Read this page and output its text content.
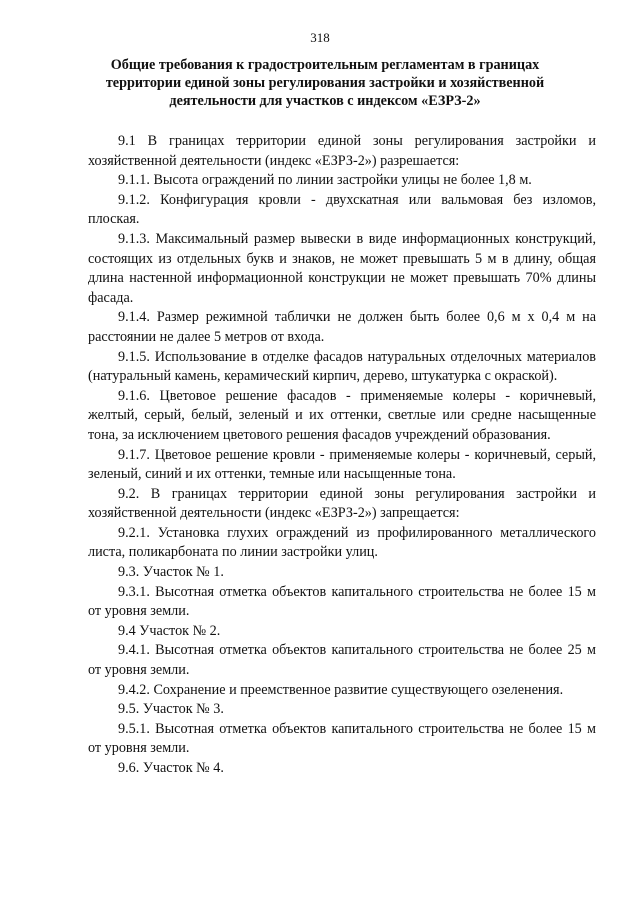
318
Общие требования к градостроительным регламентам в границах территории единой зоны регулирования застройки и хозяйственной деятельности для участков с индексом «ЕЗРЗ-2»

9.1 В границах территории единой зоны регулирования застройки и хозяйственной деятельности (индекс «ЕЗРЗ-2») разрешается:

9.1.1. Высота ограждений по линии застройки улицы не более 1,8 м.

9.1.2. Конфигурация кровли - двухскатная или вальмовая без изломов, плоская.

9.1.3. Максимальный размер вывески в виде информационных конструкций, состоящих из отдельных букв и знаков, не может превышать 5 м в длину, общая длина настенной информационной конструкции не может превышать 70% длины фасада.

9.1.4. Размер режимной таблички не должен быть более 0,6 м х 0,4 м на расстоянии не далее 5 метров от входа.

9.1.5. Использование в отделке фасадов натуральных отделочных материалов (натуральный камень, керамический кирпич, дерево, штукатурка с окраской).

9.1.6. Цветовое решение фасадов - применяемые колеры - коричневый, желтый, серый, белый, зеленый и их оттенки, светлые или средне насыщенные тона, за исключением цветового решения фасадов учреждений образования.

9.1.7. Цветовое решение кровли - применяемые колеры - коричневый, серый, зеленый, синий и их оттенки, темные или насыщенные тона.

9.2. В границах территории единой зоны регулирования застройки и хозяйственной деятельности (индекс «ЕЗРЗ-2») запрещается:

9.2.1. Установка глухих ограждений из профилированного металлического листа, поликарбоната по линии застройки улиц.

9.3. Участок № 1.

9.3.1. Высотная отметка объектов капитального строительства не более 15 м от уровня земли.

9.4 Участок № 2.

9.4.1. Высотная отметка объектов капитального строительства не более 25 м от уровня земли.

9.4.2. Сохранение и преемственное развитие существующего озеленения.

9.5. Участок № 3.

9.5.1. Высотная отметка объектов капитального строительства не более 15 м от уровня земли.

9.6. Участок № 4.
